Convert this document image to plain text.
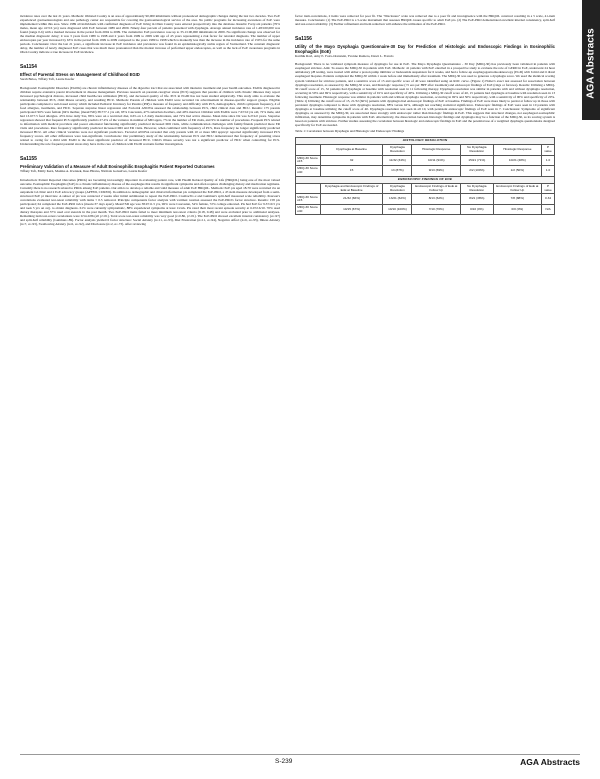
AGA Abstracts

incidence rates over the last 21 years. Methods: Olmsted County is an area of approximately 90,000 inhabitants without pronounced demographic changes during the last two decades. Two EoE experienced gastroenterologists and one pathology center are responsible for covering the gastroenterological service of the area. No public programs for increasing awareness of EoE were implemented within this area. Since 1989 all individuals with confirmed diagnosis of EoE living in Olten County were entered prospectively into the database. Results: Forty-six patients (76% males, mean age 41±16 yrs) were diagnosed with EoE between 1989 and 2009. Ninety-four percent of patients presented with dysphagia. Average annual incidence rate of 1.48/100,000 was found (range 0-6) with a marked increase in the period from 2004 to 2009. The cumulative EoE prevalence rose up to 35.1/100,000 inhabitants in 2009. No significant change was observed for the median diagnostic delay; it was 3 years from 1989 to 1998 and 2 years from 1999 to 2009 with age of 45 years representing a risk factor for retarded diagnosis. The number of upper endoscopies per year increased by 63% in the period from 1999 to 2009 compared to the years 1989 to 1998 which is markedly less than the increase in the incidence rate of 150% for the same periods. Conclusions: Over the last 21 years, a significant increase in EoE incidence and prevalence was found in an epidemiologically stable region of Switzerland. The constant diagnostic delay, the number of newly diagnosed EoE cases that was much more pronounced than the modest increase of performed upper endoscopies, as well as the lack of EoE awareness programs in Olten County indicate a true increase in EoE incidence.

Sa1154
Effect of Parental Stress on Management of Childhood EGID
Sarah Baloo, Tiffany Taft, Laurie Keefer

Background: Eosinophilic Disorders (EGIDs) are chronic inflammatory diseases of the digestive tract that are associated with intensive treatment and poor health outcomes. EGIDs diagnosed in children require extensive parent involvement in disease management. Previous research on parental-caregiver stress (PCS) suggests that parents of children with chronic illnesses may report increased psychological distress, increased child health-care utilization (HCU), and decreased quality of life. PCS in EGID has not been studied empirically. This study aims to evaluate the relationship between PCS, child illness severity, and resulting HCU. Methods: Parents of children with EGID were recruited via advertisement in disease-specific support groups. Eligible participants completed a web-based survey which included Pediatric Inventory for Parents (PIP) a measure of frequency and difficulty with PCS, demographics, child's symptom frequency, # of food allergies, treatments, and HCU. Separate stepwise linear regression and Factorial ANOVA assessed the relationship between PCS, child clinical data and HCU. Results: 175 parents participated: 96% were female (94% mother, (mean±SD) 38.7±7.1 yrs old, 93% Caucasian, 47% suburban dwellers, and 49% married. Children with EGIDs were 7.6±3.0 yrs old, 72% male, and had 13.6±7.5 food allergies. 45% have daily Sxs, 86% were on a restricted diet, 64% on 1-3 daily medications, and 72% had active disease. Mean time since Dx was 6.2±4.0 years. Stepwise regression showed that frequent PCS significantly predicts 27.4% of the variance in number of MD appts, 7% in the number of ER visits, and 9% in number of procedures. Frequent PCS related to information with medical providers and poorer emotional functioning significantly predicted increased MD visits, while communication challenges with family/friends predicted more ER visits and procedures. Rare frequency significantly predicted increased MD and ER visits. However, when combined with frequency of PCS, Rare frequency no longer significantly predicted increased HCU. All other clinical variables were not significant predictors. Factorial ANOVA revealed that only parents with 10 or more MD appts/yr reported significantly increased PCS frequency scores. All other differences were non-significant. Conclusions: Our preliminary study of the relationship between PCS and HCU demonstrated that frequency of parenting stress related to caring for a child with EGID is the most significant predictor of increased HCU. Child's illness severity was not a significant predictor of HCU when controlling for PCS. Understanding the role frequent parental stress may have in the care of children with EGID warrants further investigation.

Sa1155
Preliminary Validation of a Measure of Adult Eosinophilic Esophagitis Patient Reported Outcomes
Tiffany Taft, Emily Kern, Monika A. Kwiatek, Ikuo Hirano, Nirmala Gonsalves, Laurie Keefer

Introduction: Patient Reported Outcomes (PROs) are becoming increasingly important in evaluating patient care, with Health Related Quality of Life (HRQOL) being one of the most valued outcome. Eosinophilic Esophagitis (EoE) is a chronic inflammatory disease of the esophagus that results in significant symptoms and often requires challenging dietary and medication regimens. Currently there is no research related to PROs among EoE patients. Our aim is to develop a reliable and valid measure of adult EoE HRQOL. Methods: EoE pts aged 18-70 were recruited via an outpatient GI clinic and 2 EoE advocacy groups (APFED, CURED). In addition to demographic and clinical information pts completed the EoE-PRO, a 47-item measure developed from a semi-structured EoE pt interview. A subset of pts was contacted 2 weeks after initial submission to repeat the EoE-PRO. Cronbach's α and Guttman's split-half measured scale reliability. Pearson's correlations evaluated test-retest reliability with items < 0.5 removed. Principle components factor analysis with varimax rotation assessed the EoE-PRO's factor structure. Results: 158 pts participated; 64 completed the EoE-PRO twice (mean=37 days apart). Mean±SD age was 38.9±11.5 yrs, 96% were Caucasian, 54% female, 72% college educated. Pts had EoE for 9.3±10.5 yrs and took 5 yrs on avg. to obtain diagnosis. 61% were currently symptomatic, 88% experienced symptoms at least 1x/wk. Pts rated their most recent episode severity at 6.0±2.6/10. 70% used dietary therapies and 37% used oral steroids in the past month. Two EoE-PRO items failed to meet minimum test-retest criteria (0.18, 0.48) and were excluded prior to additional analyses. Remaining item test-retest correlations were 0.54-0.86 (all p<.01). Total score test-retest reliability was very good (r=0.86, p<.01). The EoE-PRO showed excellent internal consistency (α=.97) and split-half reliability (Guttman=.89). Factor analysis yielded 6 factor structure: Social Anxiety (n=11, α=.93), Diet Frustration (n=11, α=.94), Negative Affect (n=6, α=.93), Illness Anxiety (n=7, α=.93), Swallowing Anxiety (n=6, α=.92), and Disclosure (n=2, α=.73). After reviewing

factor item-correlations, 2 items were removed for poor fit. The "Disclosure" scale was removed due to a poor fit and incongruence with the HRQOL construct resulting in a 5 scale, 41-item measure. Conclusions: (1) The EoE-PRO is a 5-scale instrument that assesses HRQOL issues specific to adult EoE pts. (2) The EoE-PRO demonstrated excellent internal consistency, split-half and test-retest reliability. (3) Further refinement and item reduction will enhance the utilization of the EoE-PRO.

Sa1156
Utility of the Mayo Dysphagia Questionnaire-30 Day for Prediction of Histologic and Endoscopic Findings in Eosinophilic Esophagitis (EoE)
Karthik Ravi, Amy E. Foxx-Orenstein, Yvonne Romero, Dawn L. Francis

Background: There is no validated symptom measure of dysphagia for use in EoE. The Mayo Dysphagia Questionnaire - 30 Day (MDQ-30) has previously been validated in patients with esophageal stricture. Aim: To assess the MDQ-30 in patients with EoE. Methods: 41 patients with EoE enrolled in a prospective study to evaluate the role of GERD in EoE, underwent 24 hour ambulatory pH testing, were treated with either a proton pump inhibitor or budesonide suspension for 6 weeks, and had a follow-up esophagogastroduodenoscopy (EGD) with 6 mid and 6 distal esophageal biopsies. Patients completed the MDQ-30 within 1 week before and immediately after treatment. The MDQ-30 was used to generate a dysphagia score. We used the identical scoring system validated for stricture patients, and a sensitive score of 15 and specific score of 40 were identified using an ROC curve. (Figure 1) Fisher's exact test assessed for association between dysphagia resolution, as assessed by the MDQ-30 score, and histologic response (<5 eos per HPF after treatment) and endoscopic findings of EoE (rings or furrows). Results: Utilizing a MDQ-30 cutoff score of 15, 32 patients had dysphagia at baseline with resolution seen in 11 following therapy. Dysphagia resolution was similar in patients with and without dysphagia resolution, occurring in 59% and 69% respectively, with a sensitivity of 91% and specificity of 49%. Utilizing a MDQ-30 cutoff score of 40, 15 patients had dysphagia at baseline with resolution seen in 13 following treatment. Histologic response was similar in patients with and without dysphagia resolution, occurring in 69% and 50% respectively, with a sensitivity of 90% and specificity of 20%. (Table 1) Utilizing the cutoff score of 15, 21/32 (66%) patients with dysphagia had endoscopic findings of EoE at baseline. Findings of EoE were more likely to persist at follow up in those with persistent dysphagia compared to those with dysphagia resolution, 88% versus 62%, although not reaching statistical significance. Endoscopic findings of EoE were seen in 10 patients with dysphagia at baseline utilizing the cutoff score of 40. Dysphagia resolution was seen in all 10, with persistent endoscopic findings of EoE seen in 7. Conclusions: Symptoms of significant dysphagia, as assessed by the MDQ-30, are associated more strongly with endoscopic rather than histologic findings in EoE. This suggests that structural changes, not esophageal eosinophilic infiltration, may determine symptoms in patients with EoE. Alternatively, the dissociation between histologic findings and dysphagia may be a function of the MDQ-30, as its scoring system is based on patients with stricture. Further studies assessing the correlation between histologic and endoscopic findings in EoE and the potential use of a weighted dysphagia questionnaire designed specifically for EoE are needed.

Table 1: Correlation between Dysphagia and Histologic and Endoscopic Findings

HISTOLOGIC RESOLUTION						
	Dysphagia at Baseline	Dysphagia Resolution	Histologic Response	No Dysphagia Resolution	Histologic Response	P value
MDQ-30 Score ≥15	32	11/32 (34%)	10/11 (91%)	15/21 (71%)	10/21 (48%)	1.0
MDQ-30 Score ≥40	15	13 (87%)	9/13 (69%)	2/2 (100%)	1/2 (50%)	1.0
ENDOSCOPIC FINDINGS OF EOE						
	Dysphagia and Endoscopic Findings of EoE at Baseline	Dysphagia Resolution	Endoscopic Findings of EoE at Follow Up	No Dysphagia Resolution	Endoscopic Findings of EoE at Follow Up	P value
MDQ-30 Score ≥15	21/32 (66%)	13/21 (62%)	8/13 (62%)	8/21 (38%)	7/8 (88%)	0.34
MDQ-30 Score ≥40	10/15 (67%)	10/10 (100%)	7/10 (70%)	0/10 (0%)	0/0 (0%)	N/A
S-239	AGA Abstracts
